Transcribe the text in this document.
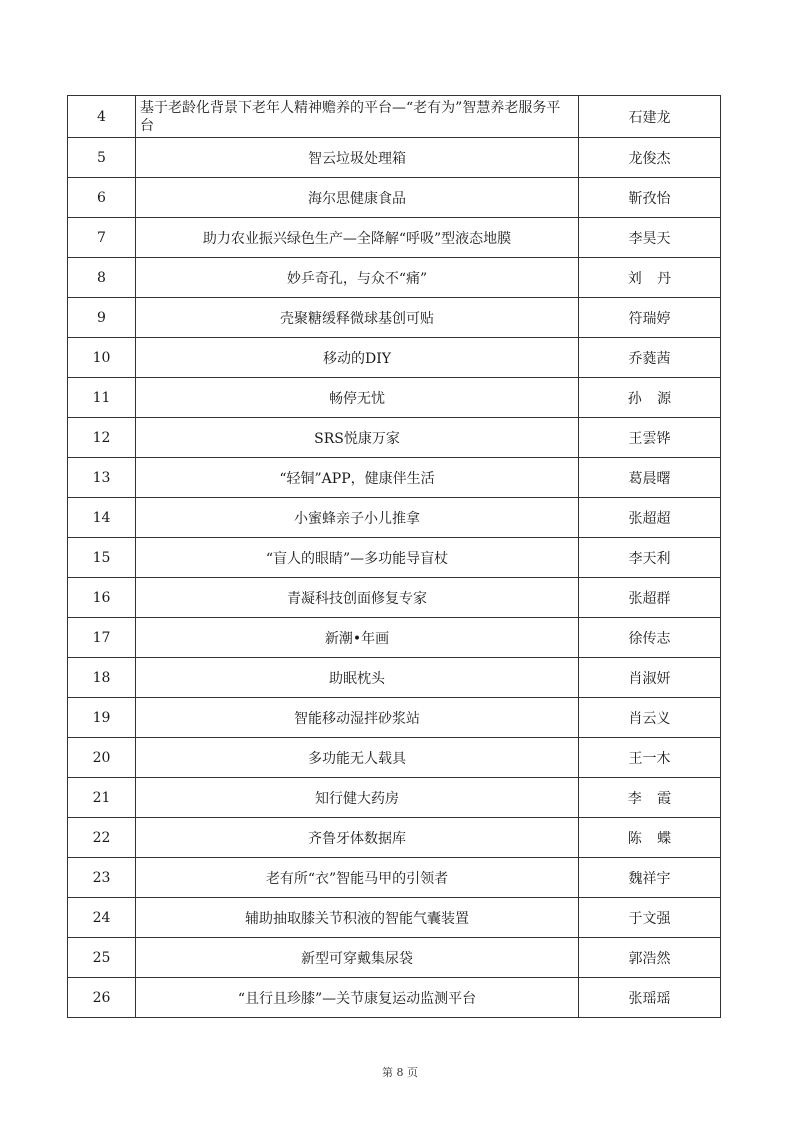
4	基于老龄化背景下老年人精神赡养的平台—“老有为”智慧养老服务平台	石建龙
5	智云垃圾处理箱	龙俊杰
6	海尔思健康食品	靳孜怡
7	助力农业振兴绿色生产—全降解“呼吸”型液态地膜	李昊天
8	妙乒奇孔，与众不“痛”	刘丹
9	壳聚糖缓释微球基创可贴	符瑞婷
10	移动的DIY	乔蕤茜
11	畅停无忧	孙源
12	SRS悦康万家	王雲铧
13	“轻铜”APP，健康伴生活	葛晨曙
14	小蜜蜂亲子小儿推拿	张超超
15	“盲人的眼睛”—多功能导盲杖	李天利
16	青凝科技创面修复专家	张超群
17	新潮•年画	徐传志
18	助眠枕头	肖淑妍
19	智能移动湿拌砂浆站	肖云义
20	多功能无人载具	王一木
21	知行健大药房	李霞
22	齐鲁牙体数据库	陈蝶
23	老有所“衣”智能马甲的引领者	魏祥宇
24	辅助抽取膝关节积液的智能气囊装置	于文强
25	新型可穿戴集尿袋	郭浩然
26	“且行且珍膝”—关节康复运动监测平台	张瑶瑶
第 8 页
